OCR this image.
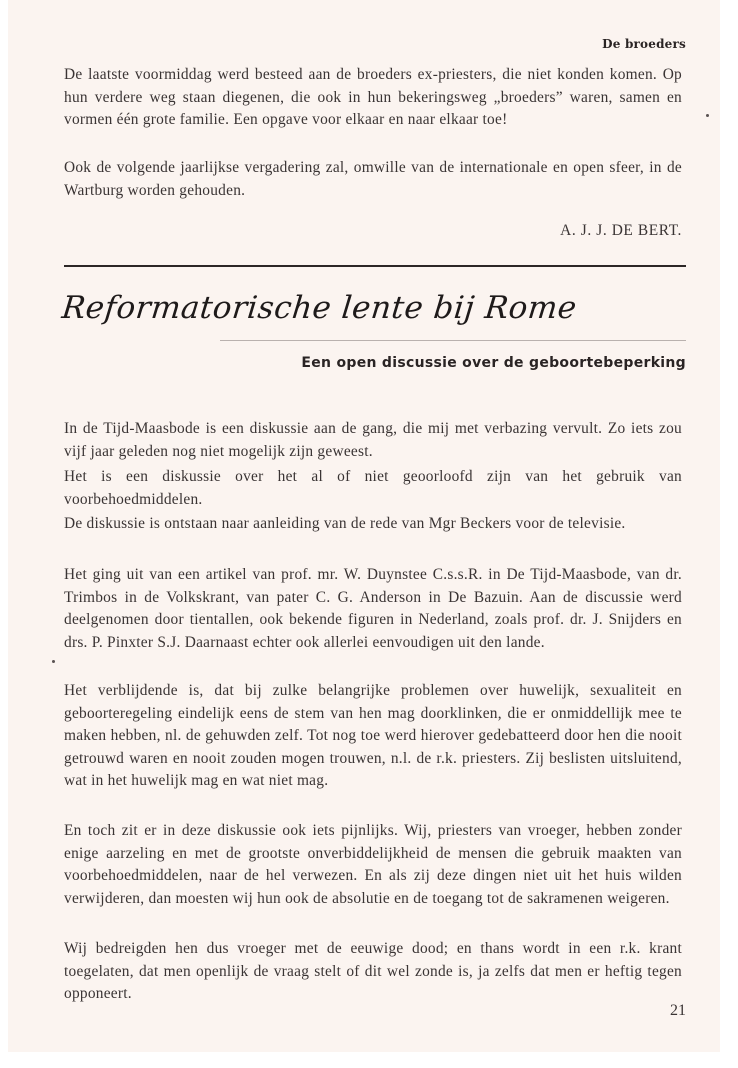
De broeders

De laatste voormiddag werd besteed aan de broeders ex-priesters, die niet konden komen. Op hun verdere weg staan diegenen, die ook in hun bekeringsweg „broeders” waren, samen en vormen één grote familie. Een opgave voor elkaar en naar elkaar toe!

Ook de volgende jaarlijkse vergadering zal, omwille van de internationale en open sfeer, in de Wartburg worden gehouden.

A. J. J. DE BERT.
Reformatorische lente bij Rome
Een open discussie over de geboortebeperking

In de Tijd-Maasbode is een diskussie aan de gang, die mij met verbazing vervult. Zo iets zou vijf jaar geleden nog niet mogelijk zijn geweest.

Het is een diskussie over het al of niet geoorloofd zijn van het gebruik van voorbehoedmiddelen.

De diskussie is ontstaan naar aanleiding van de rede van Mgr Beckers voor de televisie.

Het ging uit van een artikel van prof. mr. W. Duynstee C.s.s.R. in De Tijd-Maasbode, van dr. Trimbos in de Volkskrant, van pater C. G. Anderson in De Bazuin. Aan de discussie werd deelgenomen door tientallen, ook bekende figuren in Nederland, zoals prof. dr. J. Snijders en drs. P. Pinxter S.J. Daarnaast echter ook allerlei eenvoudigen uit den lande.

Het verblijdende is, dat bij zulke belangrijke problemen over huwelijk, sexualiteit en geboorteregeling eindelijk eens de stem van hen mag doorklinken, die er onmiddellijk mee te maken hebben, nl. de gehuwden zelf. Tot nog toe werd hierover gedebatteerd door hen die nooit getrouwd waren en nooit zouden mogen trouwen, n.l. de r.k. priesters. Zij beslisten uitsluitend, wat in het huwelijk mag en wat niet mag.

En toch zit er in deze diskussie ook iets pijnlijks. Wij, priesters van vroeger, hebben zonder enige aarzeling en met de grootste onverbiddelijkheid de mensen die gebruik maakten van voorbehoedmiddelen, naar de hel verwezen. En als zij deze dingen niet uit het huis wilden verwijderen, dan moesten wij hun ook de absolutie en de toegang tot de sakramenen weigeren.

Wij bedreigden hen dus vroeger met de eeuwige dood; en thans wordt in een r.k. krant toegelaten, dat men openlijk de vraag stelt of dit wel zonde is, ja zelfs dat men er heftig tegen opponeert.

21
